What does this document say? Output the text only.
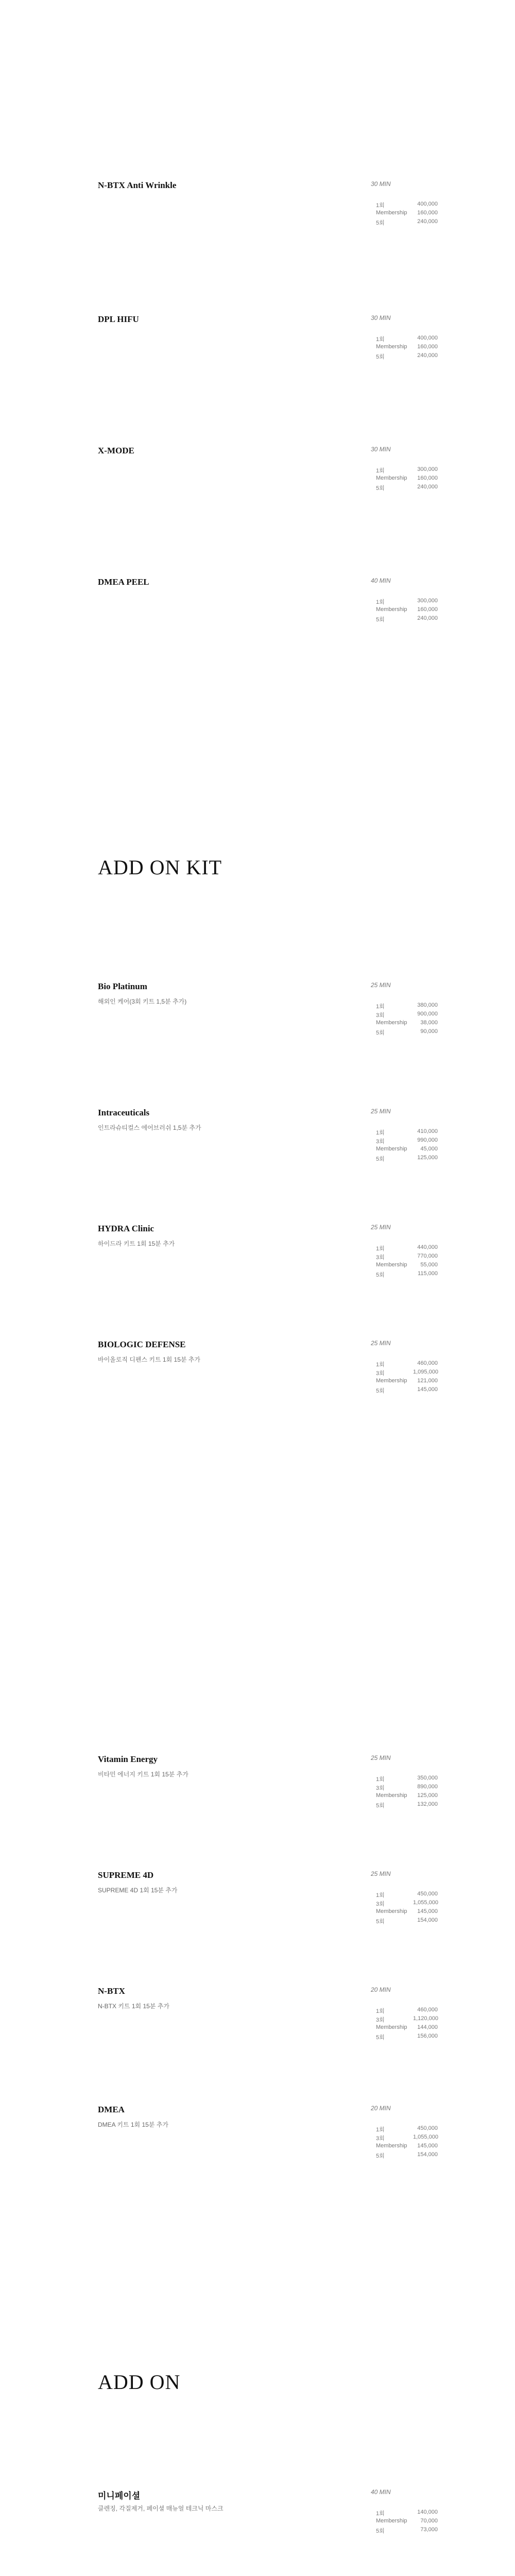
N-BTX Anti Wrinkle	30 MIN
1회	400,000
Membership	160,000
5회	240,000
DPL HIFU	30 MIN
1회	400,000
Membership	160,000
5회	240,000
X-MODE	30 MIN
1회	300,000
Membership	160,000
5회	240,000
DMEA PEEL	40 MIN
1회	300,000
Membership	160,000
5회	240,000
ADD ON KIT
Bio Platinum

해외인 케어(3회 키트 1,5분 추가)

25 MIN
1회	380,000
3회	900,000
Membership	38,000
5회	90,000
Intraceuticals

인트라슈티컬스 에어브러쉬 1,5분 추가

25 MIN
1회	410,000
3회	990,000
Membership	45,000
5회	125,000
HYDRA Clinic

하이드라 키트 1회 15분 추가

25 MIN
1회	440,000
3회	770,000
Membership	55,000
5회	115,000
BIOLOGIC DEFENSE

바이올로직 디펜스 키트 1회 15분 추가

25 MIN
1회	460,000
3회	1,095,000
Membership	121,000
5회	145,000
Vitamin Energy

비타민 에너지 키트 1회 15분 추가

25 MIN
1회	350,000
3회	890,000
Membership	125,000
5회	132,000
SUPREME 4D

SUPREME 4D 1회 15분 추가

25 MIN
1회	450,000
3회	1,055,000
Membership	145,000
5회	154,000
N-BTX

N-BTX 키트 1회 15분 추가

20 MIN
1회	460,000
3회	1,120,000
Membership	144,000
5회	156,000
DMEA

DMEA 키트 1회 15분 추가

20 MIN
1회	450,000
3회	1,055,000
Membership	145,000
5회	154,000
ADD ON
미니페이셜

클렌징, 각질제거, 페이셜 매뉴얼 테크닉 마스크

40 MIN
1회	140,000
Membership	70,000
5회	73,000
